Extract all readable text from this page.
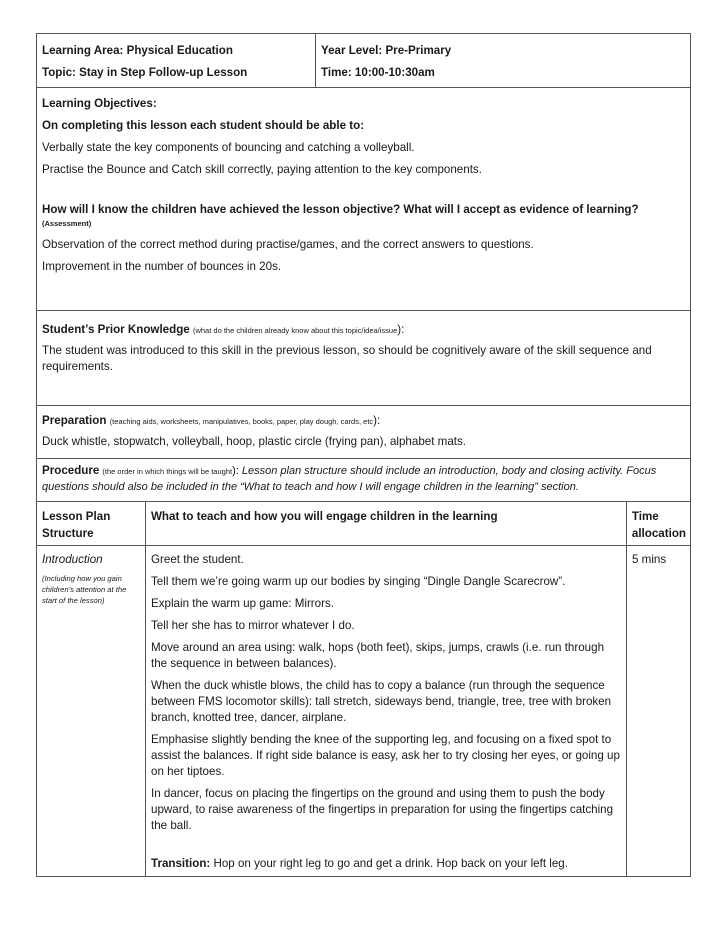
Learning Area: Physical Education
Topic: Stay in Step Follow-up Lesson
Year Level: Pre-Primary
Time: 10:00-10:30am

Learning Objectives:

On completing this lesson each student should be able to:

Verbally state the key components of bouncing and catching a volleyball.

Practise the Bounce and Catch skill correctly, paying attention to the key components.

How will I know the children have achieved the lesson objective? What will I accept as evidence of learning?
(Assessment)

Observation of the correct method during practise/games, and the correct answers to questions.

Improvement in the number of bounces in 20s.

Student’s Prior Knowledge (what do the children already know about this topic/idea/issue):

The student was introduced to this skill in the previous lesson, so should be cognitively aware of the skill sequence and requirements.

Preparation (teaching aids, worksheets, manipulatives, books, paper, play dough, cards, etc):

Duck whistle, stopwatch, volleyball, hoop, plastic circle (frying pan), alphabet mats.

Procedure (the order in which things will be taught): Lesson plan structure should include an introduction, body and closing activity. Focus questions should also be included in the “What to teach and how I will engage children in the learning” section.
Lesson Plan Structure
What to teach and how you will engage children in the learning	Time allocation
Introduction
(Including how you gain children’s attention at the start of the lesson)

Greet the student.

Tell them we’re going warm up our bodies by singing “Dingle Dangle Scarecrow”.

Explain the warm up game: Mirrors.

Tell her she has to mirror whatever I do.

Move around an area using: walk, hops (both feet), skips, jumps, crawls (i.e. run through the sequence in between balances).

When the duck whistle blows, the child has to copy a balance (run through the sequence between FMS locomotor skills): tall stretch, sideways bend, triangle, tree, tree with broken branch, knotted tree, dancer, airplane.

Emphasise slightly bending the knee of the supporting leg, and focusing on a fixed spot to assist the balances. If right side balance is easy, ask her to try closing her eyes, or going up on her tiptoes.

In dancer, focus on placing the fingertips on the ground and using them to push the body upward, to raise awareness of the fingertips in preparation for using the fingertips catching the ball.

Transition: Hop on your right leg to go and get a drink. Hop back on your left leg.

5 mins
